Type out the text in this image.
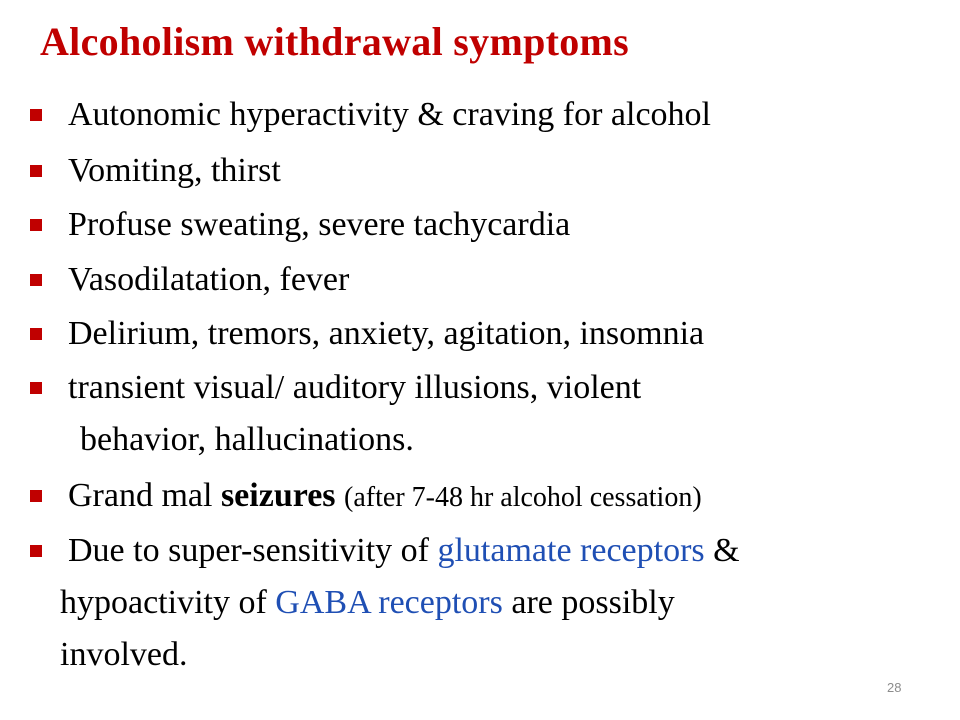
Alcoholism withdrawal symptoms
Autonomic hyperactivity & craving for alcohol
Vomiting, thirst
Profuse sweating, severe tachycardia
Vasodilatation, fever
Delirium, tremors, anxiety, agitation, insomnia
transient visual/ auditory illusions, violent
behavior, hallucinations.
Grand mal seizures (after 7-48 hr alcohol cessation)
Due to super-sensitivity of glutamate receptors &
hypoactivity of GABA receptors are possibly
involved.
28
